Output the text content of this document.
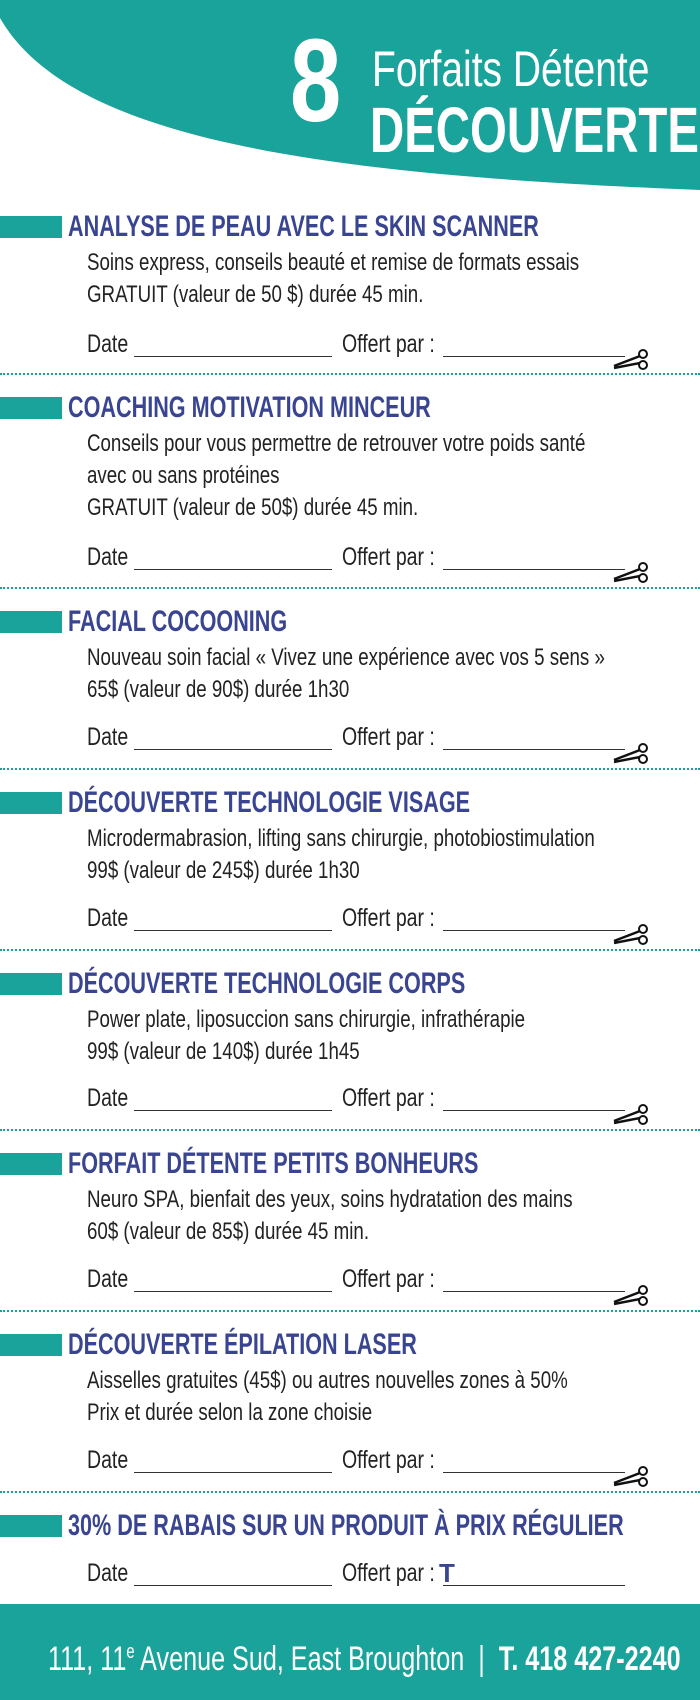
8 Forfaits Détente
DÉCOUVERTE
ANALYSE DE PEAU AVEC LE SKIN SCANNER
Soins express, conseils beauté et remise de formats essais
GRATUIT (valeur de 50 $) durée 45 min.
Date	Offert par :
COACHING MOTIVATION MINCEUR
Conseils pour vous permettre de retrouver votre poids santé
avec ou sans protéines
GRATUIT (valeur de 50$) durée 45 min.
Date	Offert par :
FACIAL COCOONING
Nouveau soin facial « Vivez une expérience avec vos 5 sens »
65$ (valeur de 90$) durée 1h30
Date	Offert par :
DÉCOUVERTE TECHNOLOGIE VISAGE
Microdermabrasion, lifting sans chirurgie, photobiostimulation
99$ (valeur de 245$) durée 1h30
Date	Offert par :
DÉCOUVERTE TECHNOLOGIE CORPS
Power plate, liposuccion sans chirurgie, infrathérapie
99$ (valeur de 140$) durée 1h45
Date	Offert par :
FORFAIT DÉTENTE PETITS BONHEURS
Neuro SPA, bienfait des yeux, soins hydratation des mains
60$ (valeur de 85$) durée 45 min.
Date	Offert par :
DÉCOUVERTE ÉPILATION LASER
Aisselles gratuites (45$) ou autres nouvelles zones à 50%
Prix et durée selon la zone choisie
Date	Offert par :
30% DE RABAIS SUR UN PRODUIT À PRIX RÉGULIER
Date	Offert par : T
111, 11e Avenue Sud, East Broughton  |  T. 418 427-2240
